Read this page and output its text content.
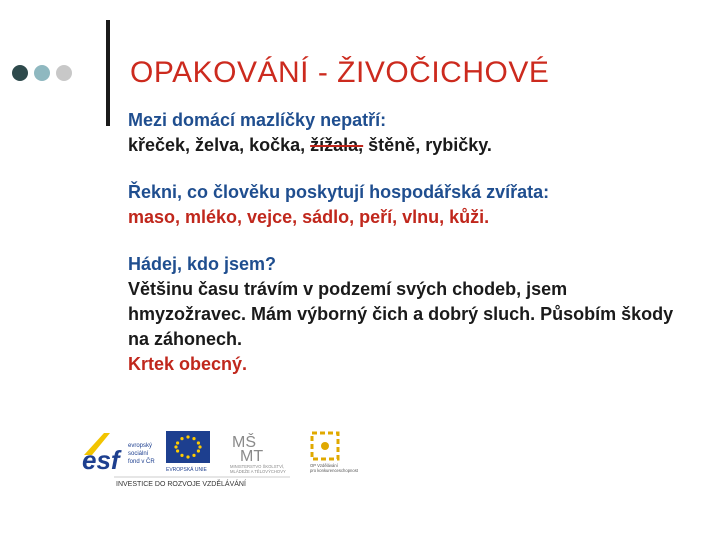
OPAKOVÁNÍ - ŽIVOČICHOVÉ
Mezi domácí mazlíčky nepatří:
křeček, želva, kočka, žížala, štěně, rybičky.
Řekni, co člověku poskytují hospodářská zvířata:
maso, mléko, vejce, sádlo, peří, vlnu, kůži.
Hádej, kdo jsem?
Většinu času trávím v podzemí svých chodeb, jsem hmyzožravec. Mám výborný čich a dobrý sluch. Působím škody na záhonech.
Krtek obecný.
esf	evropský
sociální
fond v ČR
EVROPSKÁ UNIE
MŠ
MT
MINISTERSTVO ŠKOLSTVÍ,
MLÁDEŽE A TĚLOVÝCHOVY
OP Vzdělávání
pro konkurenceschopnost
INVESTICE DO ROZVOJE VZDĚLÁVÁNÍ
